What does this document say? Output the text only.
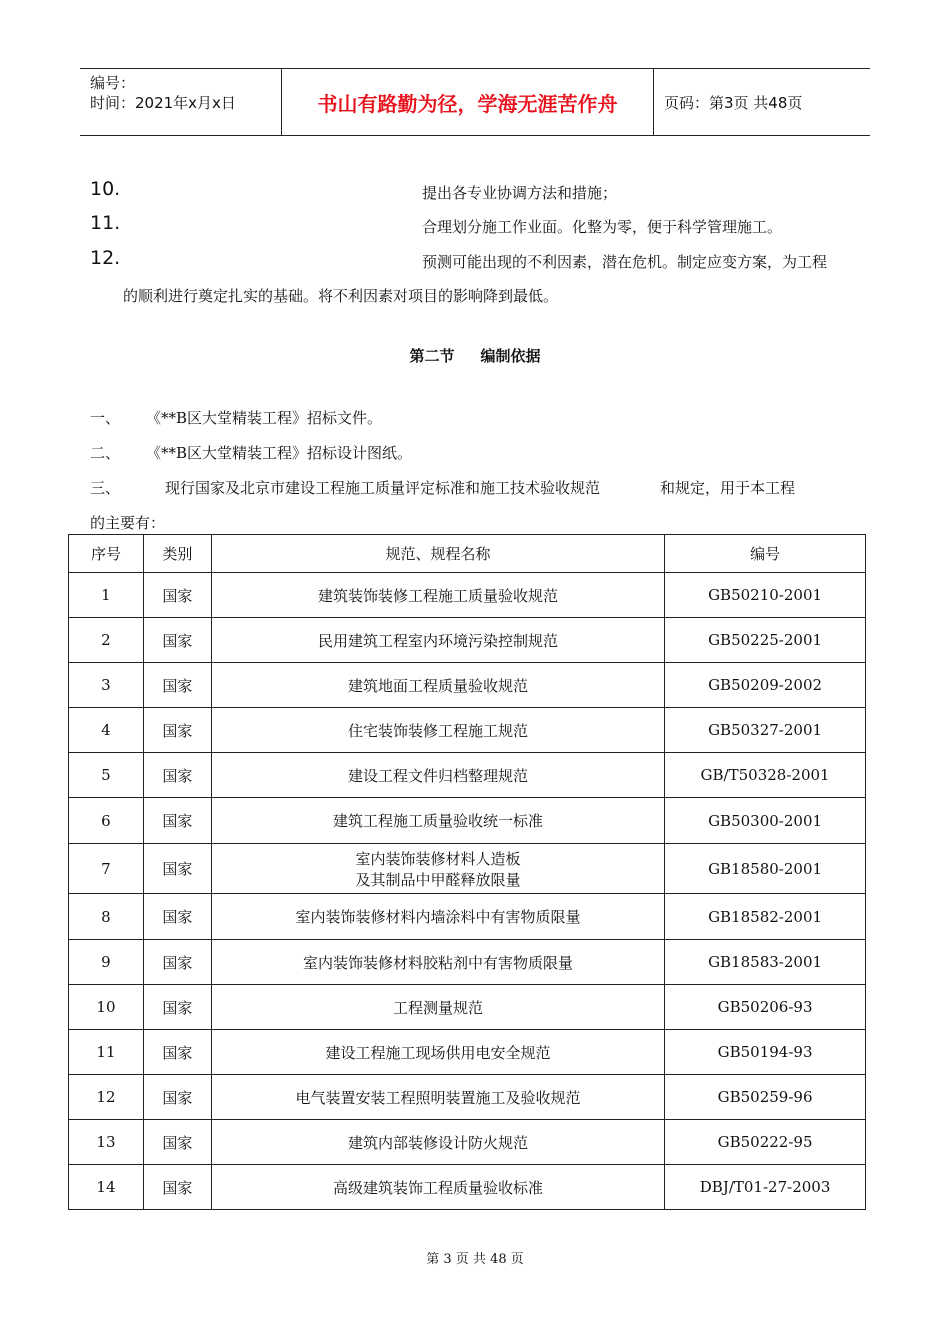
编号：
时间：2021年x月x日	书山有路勤为径，学海无涯苦作舟	页码：第3页 共48页
10.	提出各专业协调方法和措施；
11.	合理划分施工作业面。化整为零，便于科学管理施工。
12.	预测可能出现的不利因素，潜在危机。制定应变方案，为工程
的顺利进行奠定扎实的基础。将不利因素对项目的影响降到最低。
第二节 编制依据
一、 《**B区大堂精装工程》招标文件。
二、 《**B区大堂精装工程》招标设计图纸。
三、	现行国家及北京市建设工程施工质量评定标准和施工技术验收规范　　　　和规定，用于本工程
的主要有：
序号	类别	规范、规程名称	编号
1	国家	建筑装饰装修工程施工质量验收规范	GB50210-2001
2	国家	民用建筑工程室内环境污染控制规范	GB50225-2001
3	国家	建筑地面工程质量验收规范	GB50209-2002
4	国家	住宅装饰装修工程施工规范	GB50327-2001
5	国家	建设工程文件归档整理规范	GB/T50328-2001
6	国家	建筑工程施工质量验收统一标准	GB50300-2001
7	国家	室内装饰装修材料人造板
及其制品中甲醛释放限量	GB18580-2001
8	国家	室内装饰装修材料内墙涂料中有害物质限量	GB18582-2001
9	国家	室内装饰装修材料胶粘剂中有害物质限量	GB18583-2001
10	国家	工程测量规范	GB50206-93
11	国家	建设工程施工现场供用电安全规范	GB50194-93
12	国家	电气装置安装工程照明装置施工及验收规范	GB50259-96
13	国家	建筑内部装修设计防火规范	GB50222-95
14	国家	高级建筑装饰工程质量验收标准	DBJ/T01-27-2003
第 3 页 共 48 页
